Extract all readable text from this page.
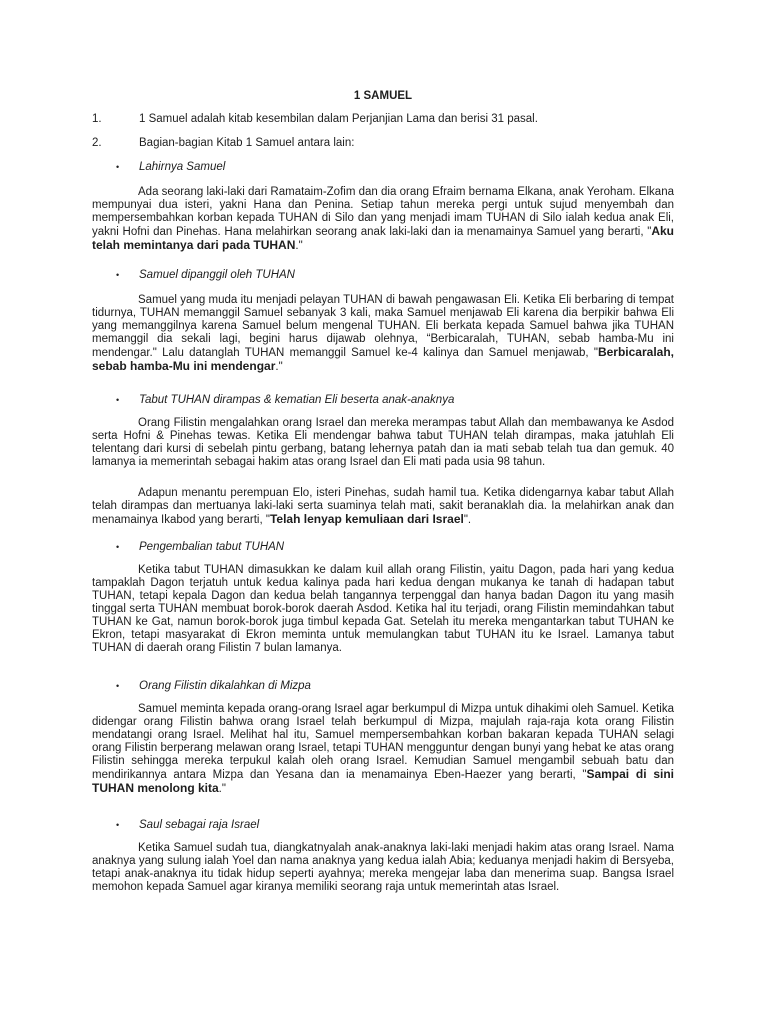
1 SAMUEL
1.	1 Samuel adalah kitab kesembilan dalam Perjanjian Lama dan berisi 31 pasal.
2.	Bagian-bagian Kitab 1 Samuel antara lain:
• Lahirnya Samuel
Ada seorang laki-laki dari Ramataim-Zofim dan dia orang Efraim bernama Elkana, anak Yeroham. Elkana mempunyai dua isteri, yakni Hana dan Penina. Setiap tahun mereka pergi untuk sujud menyembah dan mempersembahkan korban kepada TUHAN di Silo dan yang menjadi imam TUHAN di Silo ialah kedua anak Eli, yakni Hofni dan Pinehas. Hana melahirkan seorang anak laki-laki dan ia menamainya Samuel yang berarti, "Aku telah memintanya dari pada TUHAN."
• Samuel dipanggil oleh TUHAN
Samuel yang muda itu menjadi pelayan TUHAN di bawah pengawasan Eli. Ketika Eli berbaring di tempat tidurnya, TUHAN memanggil Samuel sebanyak 3 kali, maka Samuel menjawab Eli karena dia berpikir bahwa Eli yang memanggilnya karena Samuel belum mengenal TUHAN. Eli berkata kepada Samuel bahwa jika TUHAN memanggil dia sekali lagi, begini harus dijawab olehnya, “Berbicaralah, TUHAN, sebab hamba-Mu ini mendengar." Lalu datanglah TUHAN memanggil Samuel ke-4 kalinya dan Samuel menjawab, "Berbicaralah, sebab hamba-Mu ini mendengar."
• Tabut TUHAN dirampas & kematian Eli beserta anak-anaknya
Orang Filistin mengalahkan orang Israel dan mereka merampas tabut Allah dan membawanya ke Asdod serta Hofni & Pinehas tewas. Ketika Eli mendengar bahwa tabut TUHAN telah dirampas, maka jatuhlah Eli telentang dari kursi di sebelah pintu gerbang, batang lehernya patah dan ia mati sebab telah tua dan gemuk. 40 lamanya ia memerintah sebagai hakim atas orang Israel dan Eli mati pada usia 98 tahun.
Adapun menantu perempuan Elo, isteri Pinehas, sudah hamil tua. Ketika didengarnya kabar tabut Allah telah dirampas dan mertuanya laki-laki serta suaminya telah mati, sakit beranaklah dia. Ia melahirkan anak dan menamainya Ikabod yang berarti, "Telah lenyap kemuliaan dari Israel".
• Pengembalian tabut TUHAN
Ketika tabut TUHAN dimasukkan ke dalam kuil allah orang Filistin, yaitu Dagon, pada hari yang kedua tampaklah Dagon terjatuh untuk kedua kalinya pada hari kedua dengan mukanya ke tanah di hadapan tabut TUHAN, tetapi kepala Dagon dan kedua belah tangannya terpenggal dan hanya badan Dagon itu yang masih tinggal serta TUHAN membuat borok-borok daerah Asdod. Ketika hal itu terjadi, orang Filistin memindahkan tabut TUHAN ke Gat, namun borok-borok juga timbul kepada Gat. Setelah itu mereka mengantarkan tabut TUHAN ke Ekron, tetapi masyarakat di Ekron meminta untuk memulangkan tabut TUHAN itu ke Israel. Lamanya tabut TUHAN di daerah orang Filistin 7 bulan lamanya.
• Orang Filistin dikalahkan di Mizpa
Samuel meminta kepada orang-orang Israel agar berkumpul di Mizpa untuk dihakimi oleh Samuel. Ketika didengar orang Filistin bahwa orang Israel telah berkumpul di Mizpa, majulah raja-raja kota orang Filistin mendatangi orang Israel. Melihat hal itu, Samuel mempersembahkan korban bakaran kepada TUHAN selagi orang Filistin berperang melawan orang Israel, tetapi TUHAN mengguntur dengan bunyi yang hebat ke atas orang Filistin sehingga mereka terpukul kalah oleh orang Israel. Kemudian Samuel mengambil sebuah batu dan mendirikannya antara Mizpa dan Yesana dan ia menamainya Eben-Haezer yang berarti, "Sampai di sini TUHAN menolong kita."
• Saul sebagai raja Israel
Ketika Samuel sudah tua, diangkatnyalah anak-anaknya laki-laki menjadi hakim atas orang Israel. Nama anaknya yang sulung ialah Yoel dan nama anaknya yang kedua ialah Abia; keduanya menjadi hakim di Bersyeba, tetapi anak-anaknya itu tidak hidup seperti ayahnya; mereka mengejar laba dan menerima suap. Bangsa Israel memohon kepada Samuel agar kiranya memiliki seorang raja untuk memerintah atas Israel.
